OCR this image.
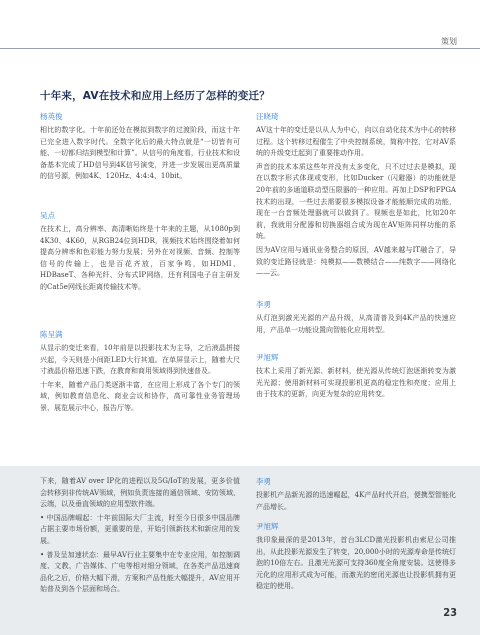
策划
十年来，AV在技术和应用上经历了怎样的变迁？

杨英俊

相比的数字化。十年前还处在模拟到数字的过渡阶段，而这十年已完全进入数字时代。全数字化后的最大特点就是“一切皆有可能、一切都归结到模型和计算”。从信号的角度看，行业技术和设备基本完成了HD信号到4K信号演变，并进一步发展出更高质量的信号源，例如4K、120Hz、4:4:4、10bit。

吴点

在技术上，高分辨率、高清晰始终是十年来的主题，从1080p到4K30、4K60，从RGB24位到HDR，视频技术始终围绕着如何提高分辨率和色彩能力努力发展；另外在对视频、音频、控制等信号的传输上，也是百花齐放，百家争鸣，如HDMI、HDBaseT、各种光纤、分布式IP网络，还有利国电子自主研发的Cat5e网线长距离传输技术等。

陈呈满

从显示的变迁来看，10年前是以投影技术为主导，之后液晶拼接兴起，今天则是小间距LED大行其道。在单屏显示上，随着大尺寸液晶价格迅速下跌，在教育和商用领域得到快速普及。

十年来，随着产品门类逐渐丰富，在应用上形成了各个专门的领域，例如教育信息化、商业会议和协作，高可靠性业务管理场景、展览展示中心，报告厅等。

汪晓琦

AV这十年的变迁是以从人为中心，向以自动化技术为中心的转移过程。这个转移过程催生了中央控制系统，简称中控，它对AV系统的升级变迁起到了重要推动作用。

声音的技术本质这些年并没有太多变化，只不过过去是模拟，现在以数字形式体现或变形，比如Ducker（闪避器）的功能就是20年前的多通道联动型压限器的一种应用。再加上DSP和FPGA技术的出现，一些过去需要很多模拟设备才能能顺完成的功能，现在一台音频处理器就可以做到了。视频也是如此，比如20年前，我就用分配器和切换器组合成为现在AV矩阵同样功能的系统。

因为AV应用与通讯业务整合的原因，AV越来越与IT融合了，导致的变迁路径就是：纯模拟——数模结合——纯数字——网络化——云。

李勇

从灯泡到激光光源的产品升级，从高清普及到4K产品的快速应用，产品单一功能设置向智能化应用转型。

尹旭辉

技术上采用了新光源、新材料，使光源从传统灯泡逐渐转变为激光光源；使用新材料可实现投影机更高的稳定性和亮度；应用上由于技术的更新，向更为复杂的应用转变。

下来，随着AV over IP化的进程以及5G/IoT的发展，更多价值会转移到非传统AV领域，例如负责连接的通信领域、安防领域、云端，以及垂直领域的应用型软件端。

• 中国品牌崛起：十年前国际大厂主流，时至今日很多中国品牌占据主要市场份额，更重要的是，开始引领新技术和新应用的发展。

• 普及呈加速状态：最早AV行业主要集中在专业应用，如控制调度、文教、广告媒体、广电等相对细分领域，在各类产品迅速商品化之后，价格大幅下滑，方案和产品性能大幅提升，AV应用开始普及到各个层面和场合。

李勇

投影机产品新光源的迅速崛起，4K产品时代开启，便携型智能化产品增长。

尹旭辉

我印象最深的是2013年，首台3LCD激光投影机由索尼公司推出，从此投影光源发生了转变，20,000小时的光源寿命是传统灯泡的10倍左右。且激光光源可支持360度全角度安装。这使得多元化的应用形式成为可能，而激光的密闭光源也让投影机拥有更稳定的使用。

23
